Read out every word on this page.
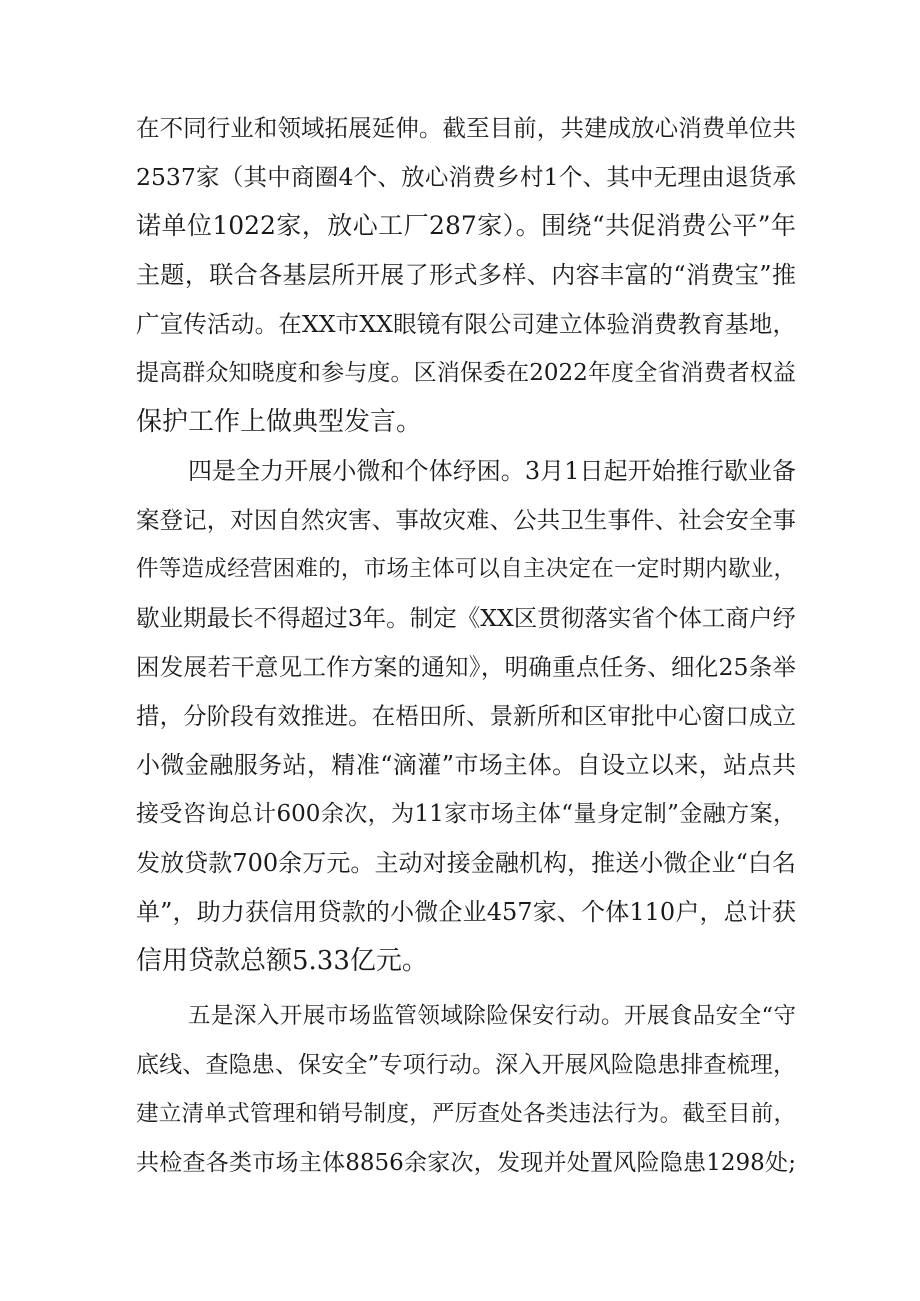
在不同行业和领域拓展延伸。截至目前，共建成放心消费单位共

2537家（其中商圈4个、放心消费乡村1个、其中无理由退货承

诺单位1022家，放心工厂287家）。围绕“共促消费公平”年

主题，联合各基层所开展了形式多样、内容丰富的“消费宝”推

广宣传活动。在XX市XX眼镜有限公司建立体验消费教育基地，

提高群众知晓度和参与度。区消保委在2022年度全省消费者权益

保护工作上做典型发言。

四是全力开展小微和个体纾困。3月1日起开始推行歇业备

案登记，对因自然灾害、事故灾难、公共卫生事件、社会安全事

件等造成经营困难的，市场主体可以自主决定在一定时期内歇业，

歇业期最长不得超过3年。制定《XX区贯彻落实省个体工商户纾

困发展若干意见工作方案的通知》，明确重点任务、细化25条举

措，分阶段有效推进。在梧田所、景新所和区审批中心窗口成立

小微金融服务站，精准“滴灌”市场主体。自设立以来，站点共

接受咨询总计600余次，为11家市场主体“量身定制”金融方案，

发放贷款700余万元。主动对接金融机构，推送小微企业“白名

单”，助力获信用贷款的小微企业457家、个体110户，总计获

信用贷款总额5.33亿元。

五是深入开展市场监管领域除险保安行动。开展食品安全“守

底线、查隐患、保安全”专项行动。深入开展风险隐患排查梳理，

建立清单式管理和销号制度，严厉查处各类违法行为。截至目前，

共检查各类市场主体8856余家次，发现并处置风险隐患1298处;
